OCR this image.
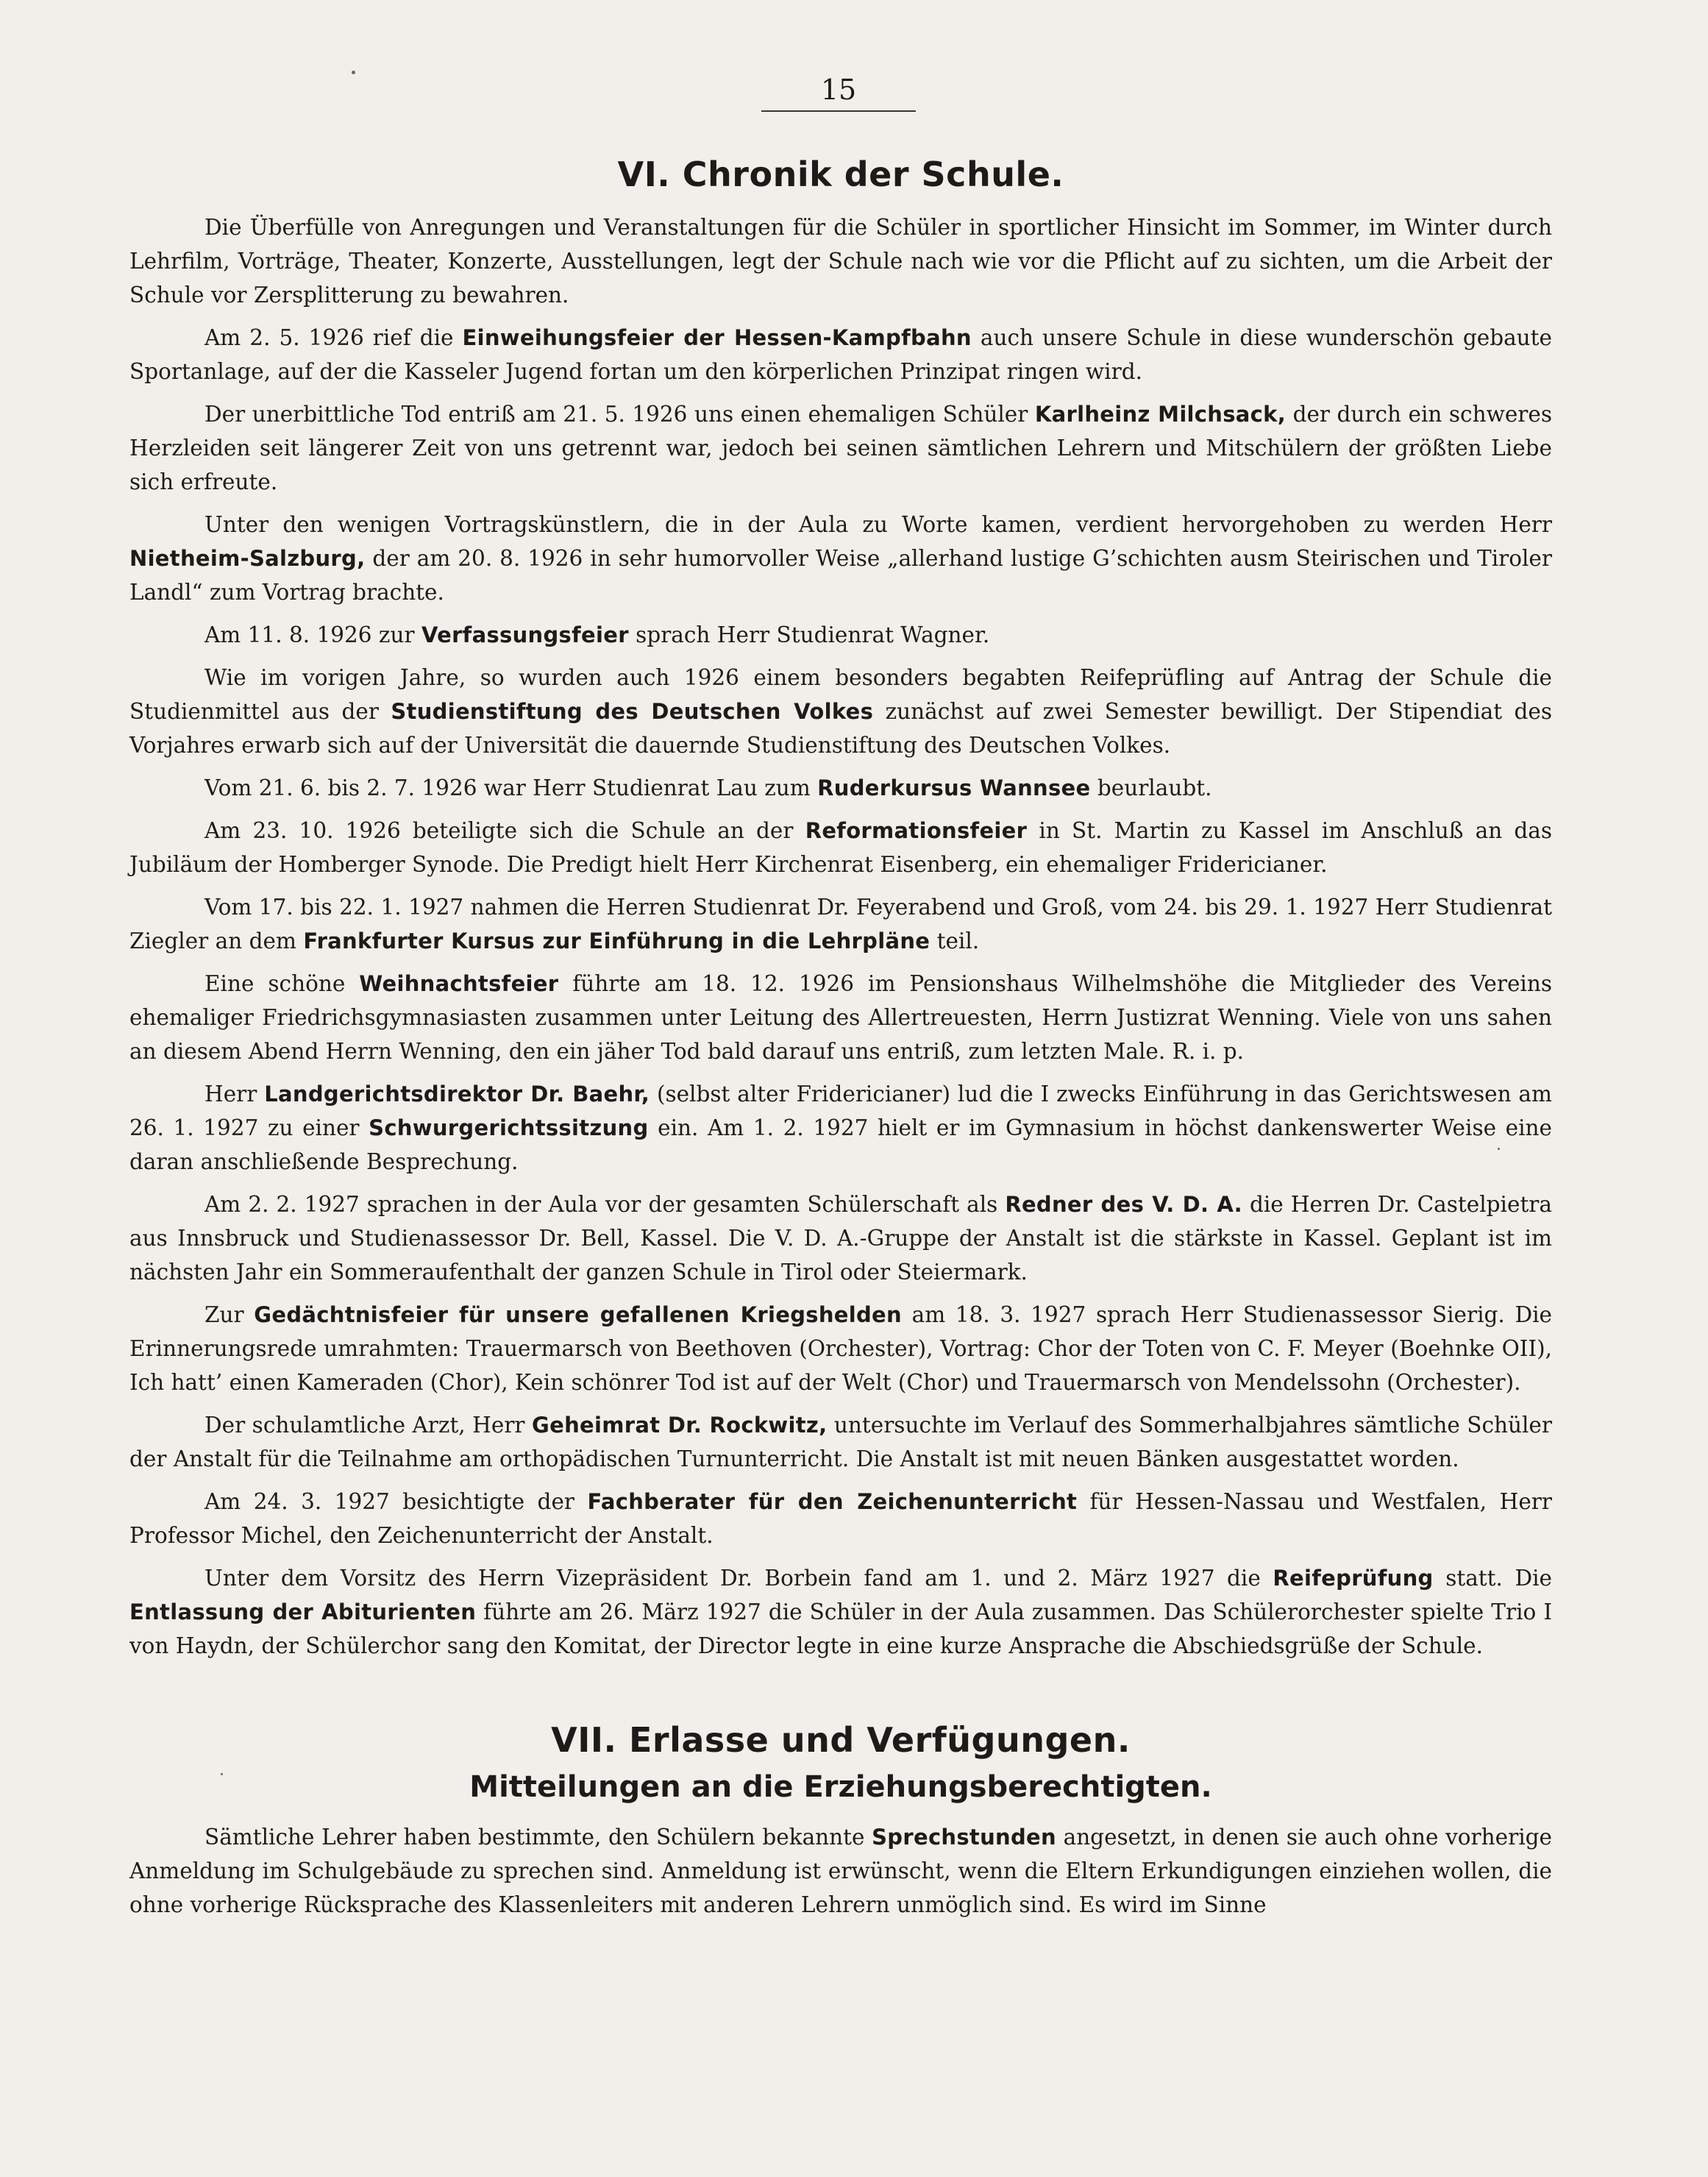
15
VI. Chronik der Schule.

Die Überfülle von Anregungen und Veranstaltungen für die Schüler in sportlicher Hinsicht im Sommer, im Winter durch Lehrfilm, Vorträge, Theater, Konzerte, Ausstellungen, legt der Schule nach wie vor die Pflicht auf zu sichten, um die Arbeit der Schule vor Zersplitterung zu bewahren.

Am 2. 5. 1926 rief die Einweihungsfeier der Hessen-Kampfbahn auch unsere Schule in diese wunderschön gebaute Sportanlage, auf der die Kasseler Jugend fortan um den körperlichen Prinzipat ringen wird.

Der unerbittliche Tod entriß am 21. 5. 1926 uns einen ehemaligen Schüler Karlheinz Milchsack, der durch ein schweres Herzleiden seit längerer Zeit von uns getrennt war, jedoch bei seinen sämtlichen Lehrern und Mitschülern der größten Liebe sich erfreute.

Unter den wenigen Vortragskünstlern, die in der Aula zu Worte kamen, verdient hervorgehoben zu werden Herr Nietheim-Salzburg, der am 20. 8. 1926 in sehr humorvoller Weise „allerhand lustige G’schichten ausm Steirischen und Tiroler Landl“ zum Vortrag brachte.

Am 11. 8. 1926 zur Verfassungsfeier sprach Herr Studienrat Wagner.

Wie im vorigen Jahre, so wurden auch 1926 einem besonders begabten Reifeprüfling auf Antrag der Schule die Studienmittel aus der Studienstiftung des Deutschen Volkes zunächst auf zwei Semester bewilligt. Der Stipendiat des Vorjahres erwarb sich auf der Universität die dauernde Studienstiftung des Deutschen Volkes.

Vom 21. 6. bis 2. 7. 1926 war Herr Studienrat Lau zum Ruderkursus Wannsee beurlaubt.

Am 23. 10. 1926 beteiligte sich die Schule an der Reformationsfeier in St. Martin zu Kassel im Anschluß an das Jubiläum der Homberger Synode. Die Predigt hielt Herr Kirchenrat Eisenberg, ein ehemaliger Fridericianer.

Vom 17. bis 22. 1. 1927 nahmen die Herren Studienrat Dr. Feyerabend und Groß, vom 24. bis 29. 1. 1927 Herr Studienrat Ziegler an dem Frankfurter Kursus zur Einführung in die Lehrpläne teil.

Eine schöne Weihnachtsfeier führte am 18. 12. 1926 im Pensionshaus Wilhelmshöhe die Mitglieder des Vereins ehemaliger Friedrichsgymnasiasten zusammen unter Leitung des Allertreuesten, Herrn Justizrat Wenning. Viele von uns sahen an diesem Abend Herrn Wenning, den ein jäher Tod bald darauf uns entriß, zum letzten Male. R. i. p.

Herr Landgerichtsdirektor Dr. Baehr, (selbst alter Fridericianer) lud die I zwecks Einführung in das Gerichtswesen am 26. 1. 1927 zu einer Schwurgerichtssitzung ein. Am 1. 2. 1927 hielt er im Gymnasium in höchst dankenswerter Weise eine daran anschließende Besprechung.

Am 2. 2. 1927 sprachen in der Aula vor der gesamten Schülerschaft als Redner des V. D. A. die Herren Dr. Castelpietra aus Innsbruck und Studienassessor Dr. Bell, Kassel. Die V. D. A.-Gruppe der Anstalt ist die stärkste in Kassel. Geplant ist im nächsten Jahr ein Sommeraufenthalt der ganzen Schule in Tirol oder Steiermark.

Zur Gedächtnisfeier für unsere gefallenen Kriegshelden am 18. 3. 1927 sprach Herr Studienassessor Sierig. Die Erinnerungsrede umrahmten: Trauermarsch von Beethoven (Orchester), Vortrag: Chor der Toten von C. F. Meyer (Boehnke OII), Ich hatt’ einen Kameraden (Chor), Kein schönrer Tod ist auf der Welt (Chor) und Trauermarsch von Mendelssohn (Orchester).

Der schulamtliche Arzt, Herr Geheimrat Dr. Rockwitz, untersuchte im Verlauf des Sommerhalbjahres sämtliche Schüler der Anstalt für die Teilnahme am orthopädischen Turnunterricht. Die Anstalt ist mit neuen Bänken ausgestattet worden.

Am 24. 3. 1927 besichtigte der Fachberater für den Zeichenunterricht für Hessen-Nassau und Westfalen, Herr Professor Michel, den Zeichenunterricht der Anstalt.

Unter dem Vorsitz des Herrn Vizepräsident Dr. Borbein fand am 1. und 2. März 1927 die Reifeprüfung statt. Die Entlassung der Abiturienten führte am 26. März 1927 die Schüler in der Aula zusammen. Das Schülerorchester spielte Trio I von Haydn, der Schülerchor sang den Komitat, der Director legte in eine kurze Ansprache die Abschiedsgrüße der Schule.

VII. Erlasse und Verfügungen.
Mitteilungen an die Erziehungsberechtigten.

Sämtliche Lehrer haben bestimmte, den Schülern bekannte Sprechstunden angesetzt, in denen sie auch ohne vorherige Anmeldung im Schulgebäude zu sprechen sind. Anmeldung ist erwünscht, wenn die Eltern Erkundigungen einziehen wollen, die ohne vorherige Rücksprache des Klassenleiters mit anderen Lehrern unmöglich sind. Es wird im Sinne
